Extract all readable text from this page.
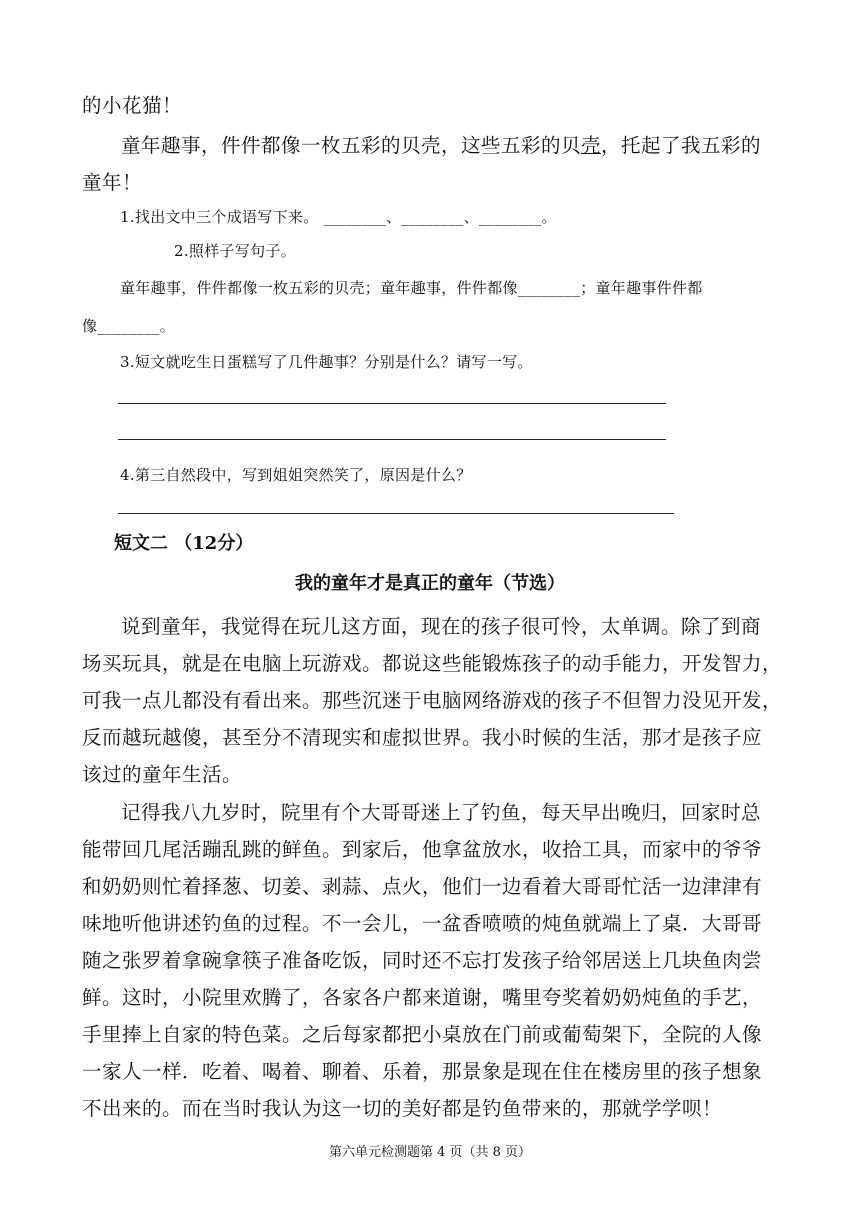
的小花猫！
童年趣事，件件都像一枚五彩的贝壳，这些五彩的贝壳，托起了我五彩的
童年！
1.找出文中三个成语写下来。 ________、________、________。
2.照样子写句子。
童年趣事，件件都像一枚五彩的贝壳；童年趣事，件件都像________；童年趣事件件都
像________。
3.短文就吃生日蛋糕写了几件趣事？分别是什么？请写一写。
4.第三自然段中，写到姐姐突然笑了，原因是什么？
短文二 （12分）
我的童年才是真正的童年（节选）
说到童年，我觉得在玩儿这方面，现在的孩子很可怜，太单调。除了到商
场买玩具，就是在电脑上玩游戏。都说这些能锻炼孩子的动手能力，开发智力，
可我一点儿都没有看出来。那些沉迷于电脑网络游戏的孩子不但智力没见开发，
反而越玩越傻，甚至分不清现实和虚拟世界。我小时候的生活，那才是孩子应
该过的童年生活。
记得我八九岁时，院里有个大哥哥迷上了钓鱼，每天早出晚归，回家时总
能带回几尾活蹦乱跳的鲜鱼。到家后，他拿盆放水，收拾工具，而家中的爷爷
和奶奶则忙着择葱、切姜、剥蒜、点火，他们一边看着大哥哥忙活一边津津有
味地听他讲述钓鱼的过程。不一会儿，一盆香喷喷的炖鱼就端上了桌．大哥哥
随之张罗着拿碗拿筷子准备吃饭，同时还不忘打发孩子给邻居送上几块鱼肉尝
鲜。这时，小院里欢腾了，各家各户都来道谢，嘴里夸奖着奶奶炖鱼的手艺，
手里捧上自家的特色菜。之后每家都把小桌放在门前或葡萄架下，全院的人像
一家人一样．吃着、喝着、聊着、乐着，那景象是现在住在楼房里的孩子想象
不出来的。而在当时我认为这一切的美好都是钓鱼带来的，那就学学呗！
第六单元检测题第 4 页（共 8 页）
